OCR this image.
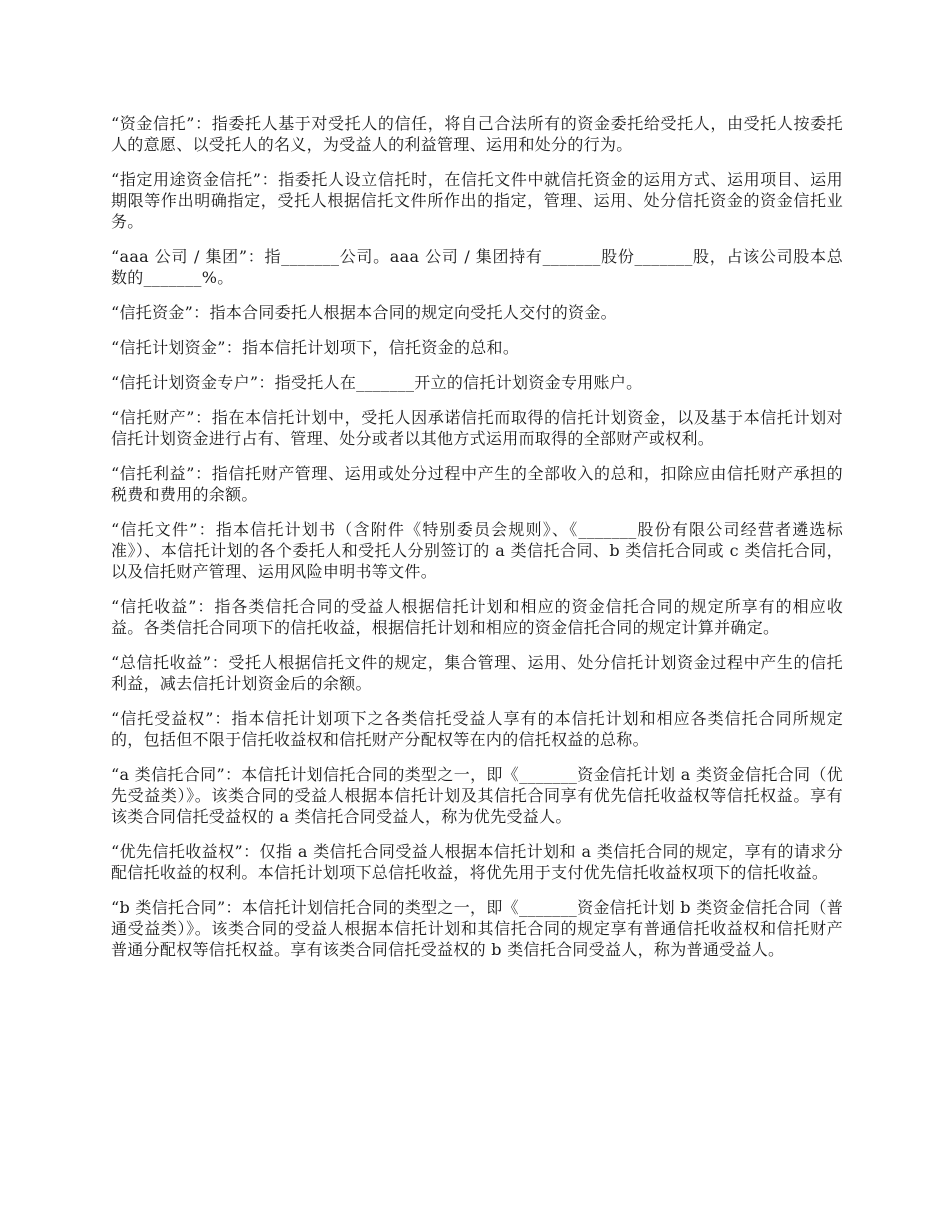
“资金信托”：指委托人基于对受托人的信任，将自己合法所有的资金委托给受托人，由受托人按委托人的意愿、以受托人的名义，为受益人的利益管理、运用和处分的行为。

“指定用途资金信托”：指委托人设立信托时，在信托文件中就信托资金的运用方式、运用项目、运用期限等作出明确指定，受托人根据信托文件所作出的指定，管理、运用、处分信托资金的资金信托业务。

“aaa 公司 / 集团”：指_______公司。aaa 公司 / 集团持有_______股份_______股，占该公司股本总数的_______%。

“信托资金”：指本合同委托人根据本合同的规定向受托人交付的资金。

“信托计划资金”：指本信托计划项下，信托资金的总和。

“信托计划资金专户”：指受托人在_______开立的信托计划资金专用账户。

“信托财产”：指在本信托计划中，受托人因承诺信托而取得的信托计划资金，以及基于本信托计划对信托计划资金进行占有、管理、处分或者以其他方式运用而取得的全部财产或权利。

“信托利益”：指信托财产管理、运用或处分过程中产生的全部收入的总和，扣除应由信托财产承担的税费和费用的余额。

“信托文件”：指本信托计划书（含附件《特别委员会规则》、《_______股份有限公司经营者遴选标准》）、本信托计划的各个委托人和受托人分别签订的 a 类信托合同、b 类信托合同或 c 类信托合同，以及信托财产管理、运用风险申明书等文件。

“信托收益”：指各类信托合同的受益人根据信托计划和相应的资金信托合同的规定所享有的相应收益。各类信托合同项下的信托收益，根据信托计划和相应的资金信托合同的规定计算并确定。

“总信托收益”：受托人根据信托文件的规定，集合管理、运用、处分信托计划资金过程中产生的信托利益，减去信托计划资金后的余额。

“信托受益权”：指本信托计划项下之各类信托受益人享有的本信托计划和相应各类信托合同所规定的，包括但不限于信托收益权和信托财产分配权等在内的信托权益的总称。

“a 类信托合同”：本信托计划信托合同的类型之一，即《_______资金信托计划 a 类资金信托合同（优先受益类）》。该类合同的受益人根据本信托计划及其信托合同享有优先信托收益权等信托权益。享有该类合同信托受益权的 a 类信托合同受益人，称为优先受益人。

“优先信托收益权”：仅指 a 类信托合同受益人根据本信托计划和 a 类信托合同的规定，享有的请求分配信托收益的权利。本信托计划项下总信托收益，将优先用于支付优先信托收益权项下的信托收益。

“b 类信托合同”：本信托计划信托合同的类型之一，即《_______资金信托计划 b 类资金信托合同（普通受益类）》。该类合同的受益人根据本信托计划和其信托合同的规定享有普通信托收益权和信托财产普通分配权等信托权益。享有该类合同信托受益权的 b 类信托合同受益人，称为普通受益人。
